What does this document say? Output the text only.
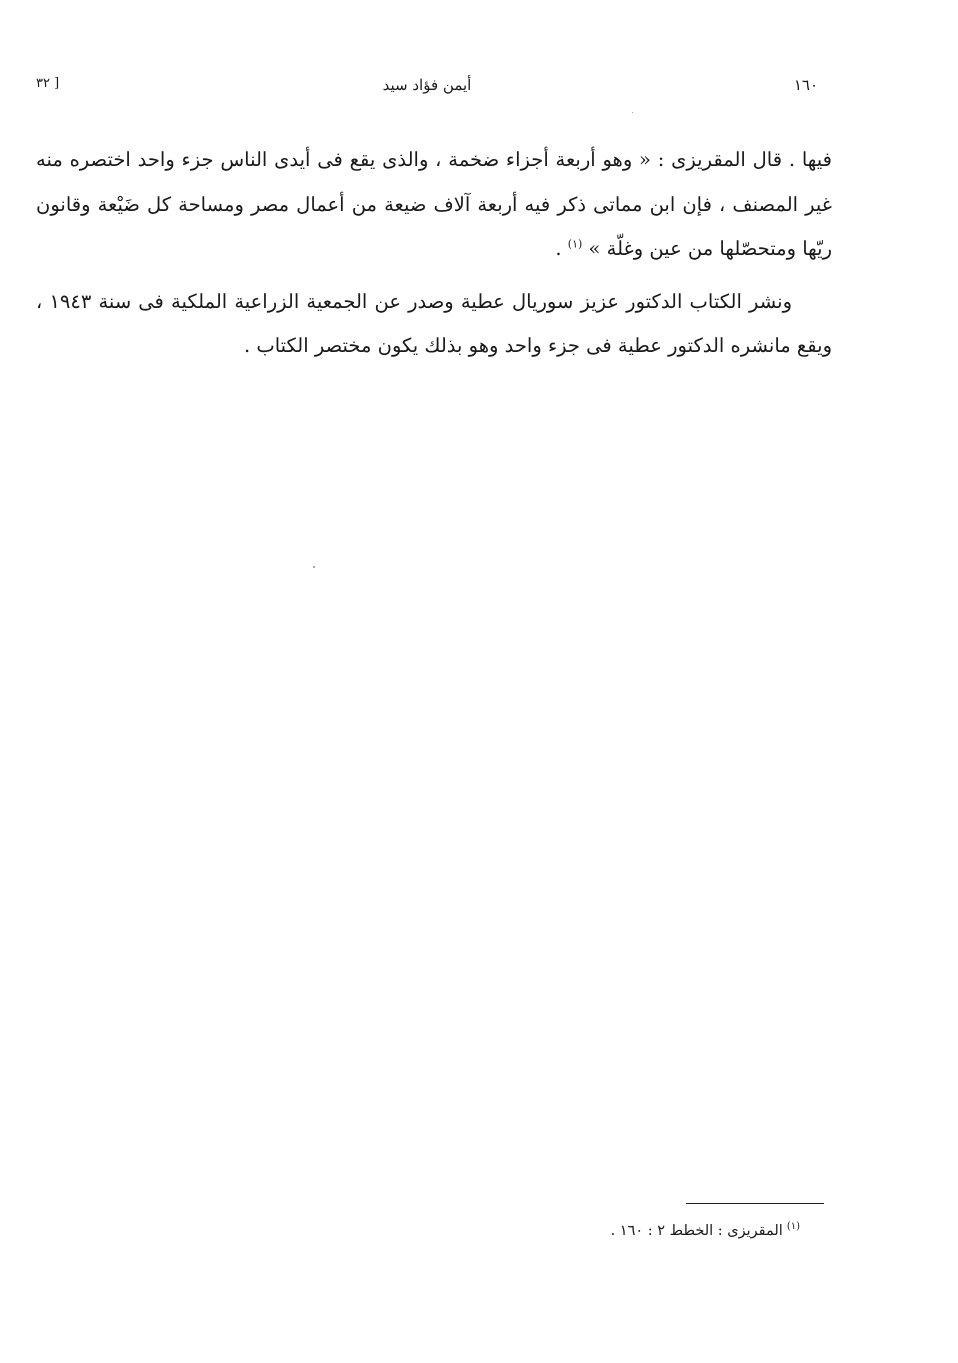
١٦٠
أيمن فؤاد سيد
[ ٣٢

فيها . قال المقريزى : « وهو أربعة أجزاء ضخمة ، والذى يقع فى أيدى الناس جزء واحد اختصره منه غير المصنف ، فإن ابن مماتى ذكر فيه أربعة آلاف ضيعة من أعمال مصر ومساحة كل ضَيْعة وقانون ريّها ومتحصّلها من عين وغلّة » $^{(١)}$ .

ونشر الكتاب الدكتور عزيز سوريال عطية وصدر عن الجمعية الزراعية الملكية فى سنة ١٩٤٣ ، ويقع مانشره الدكتور عطية فى جزء واحد وهو بذلك يكون مختصر الكتاب .

$^{(١)}$المقريزى : الخطط ٢ : ١٦٠ .
